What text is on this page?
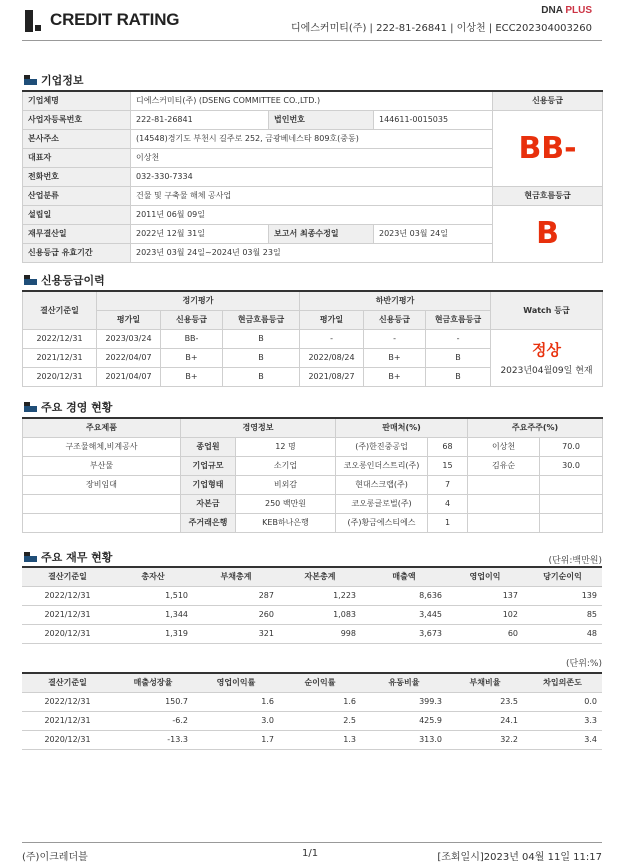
CREDIT RATING	DNA PLUS
디에스커미티(주) | 222-81-26841 | 이상천 | ECC202304003260
기업정보
기업체명	디에스커미티(주) (DSENG COMMITTEE CO.,LTD.)			신용등급
사업자등록번호	222-81-26841	법인번호	144611-0015035	BB-
본사주소	(14548)경기도 부천시 길주로 252, 금광베네스타 809호(중동)			
대표자	이상천			
전화번호	032-330-7334			
산업분류	건물 및 구축물 해체 공사업			현금흐름등급
설립일	2011년 06월 09일			B
재무결산일	2022년 12월 31일	보고서 최종수정일	2023년 03월 24일	
신용등급 유효기간	2023년 03월 24일~2024년 03월 23일			
신용등급이력
결산기준일	정기평가			하반기평가			Watch 등급
	평가일	신용등급	현금흐름등급	평가일	신용등급	현금흐름등급	
2022/12/31	2023/03/24	BB-	B	-	-	-	정상
2023년04월09일 현재

2021/12/31	2022/04/07	B+	B	2022/08/24	B+	B	
2020/12/31	2021/04/07	B+	B	2021/08/27	B+	B	
주요 경영 현황
주요제품	경영정보		판매처(%)		주요주주(%)	
구조물해체,비계공사	종업원	12 명	(주)한진중공업	68	이상천	70.0
부산물	기업규모	소기업	코오롱인더스트리(주)	15	김유순	30.0
장비임대	기업형태	비외감	현대스크랩(주)	7		
	자본금	250 백만원	코오롱글로벌(주)	4		
	주거래은행	KEB하나은행	(주)황금에스티에스	1		
주요 재무 현황	(단위:백만원)
결산기준일	총자산	부채총계	자본총계	매출액	영업이익	당기순이익
2022/12/31	1,510	287	1,223	8,636	137	139
2021/12/31	1,344	260	1,083	3,445	102	85
2020/12/31	1,319	321	998	3,673	60	48
(단위:%)
결산기준일	매출성장율	영업이익률	순이익률	유동비율	부채비율	차입의존도
2022/12/31	150.7	1.6	1.6	399.3	23.5	0.0
2021/12/31	-6.2	3.0	2.5	425.9	24.1	3.3
2020/12/31	-13.3	1.7	1.3	313.0	32.2	3.4
(주)이크레더블	1/1	[조회일시]2023년 04월 11일 11:17
